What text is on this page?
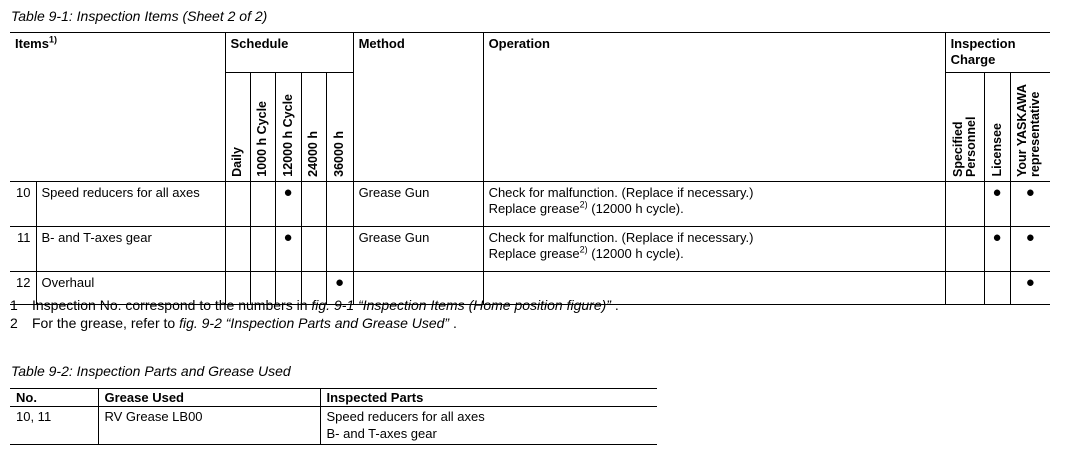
Table 9-1: Inspection Items (Sheet 2 of 2)
Items$^{1)}$		Schedule					Method	Operation	Inspection Charge		

		Daily	1000 h Cycle	12000 h Cycle	24000 h	36000 h			Specified Personnel	Licensee	Your YASKAWA representative

10	Speed reducers for all axes			●			Grease Gun	Check for malfunction. (Replace if necessary.)
Replace grease$^{2)}$ (12000 h cycle).		●	●
11	B- and T-axes gear			●			Grease Gun	Check for malfunction. (Replace if necessary.)
Replace grease$^{2)}$ (12000 h cycle).		●	●
12	Overhaul					●					●
1 Inspection No. correspond to the numbers in fig. 9-1 “Inspection Items (Home position figure)” .
2 For the grease, refer to fig. 9-2 “Inspection Parts and Grease Used” .
Table 9-2: Inspection Parts and Grease Used
No.	Grease Used	Inspected Parts
10, 11	RV Grease LB00	Speed reducers for all axes
B- and T-axes gear
